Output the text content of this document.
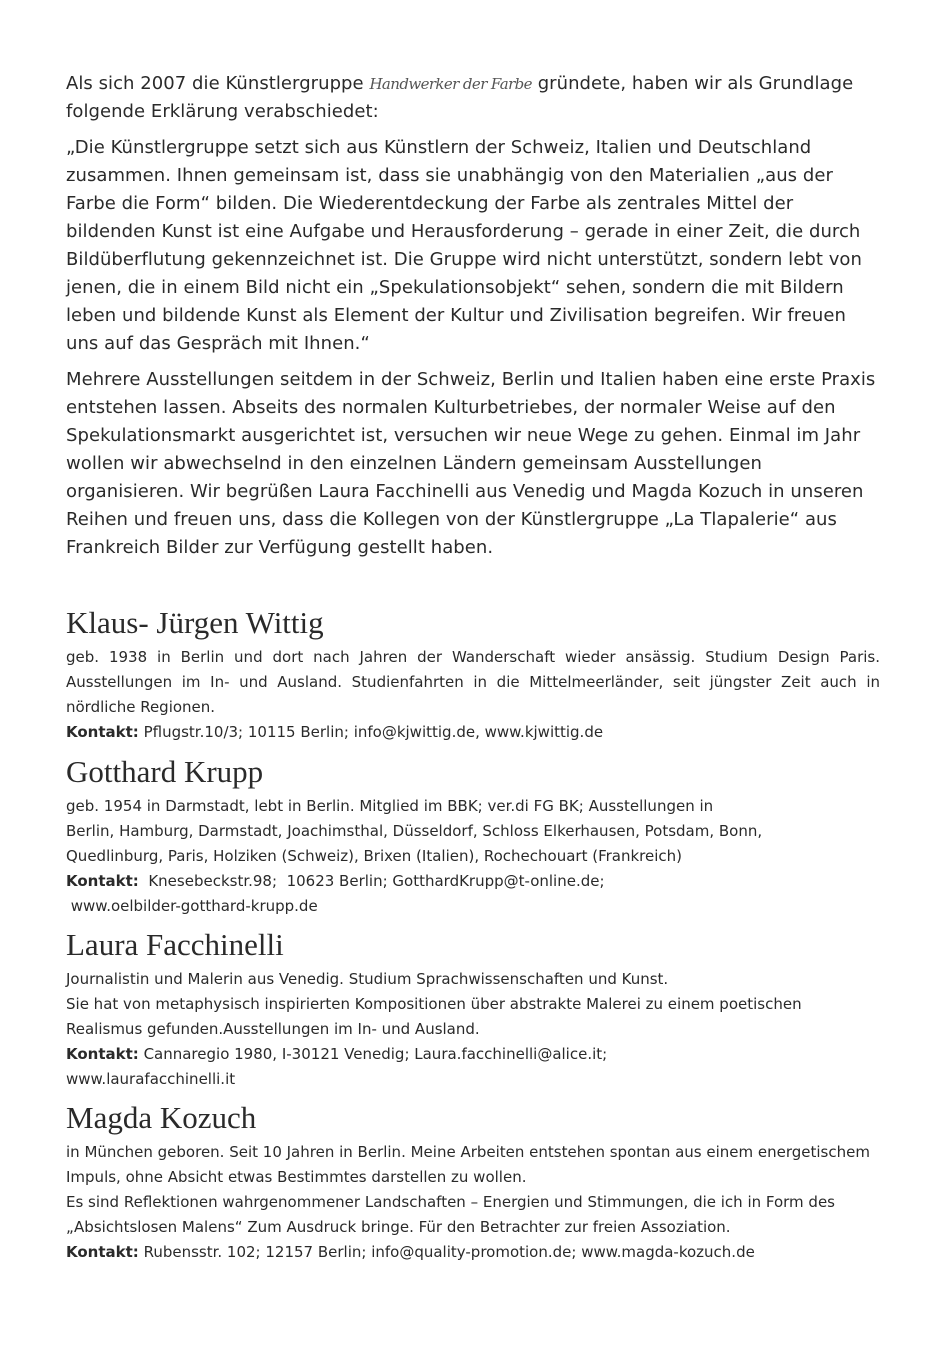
Als sich 2007 die Künstlergruppe Handwerker der Farbe gründete, haben wir als Grundlage folgende Erklärung verabschiedet:

„Die Künstlergruppe setzt sich aus Künstlern der Schweiz, Italien und Deutschland zusammen. Ihnen gemeinsam ist, dass sie unabhängig von den Materialien „aus der Farbe die Form“ bilden. Die Wiederentdeckung der Farbe als zentrales Mittel der bildenden Kunst ist eine Aufgabe und Herausforderung – gerade in einer Zeit, die durch Bildüberflutung gekennzeichnet ist. Die Gruppe wird nicht unterstützt, sondern lebt von jenen, die in einem Bild nicht ein „Spekulationsobjekt“ sehen, sondern die mit Bildern leben und bildende Kunst als Element der Kultur und Zivilisation begreifen. Wir freuen uns auf das Gespräch mit Ihnen.“

Mehrere Ausstellungen seitdem in der Schweiz, Berlin und Italien haben eine erste Praxis entstehen lassen. Abseits des normalen Kulturbetriebes, der normaler Weise auf den Spekulationsmarkt ausgerichtet ist, versuchen wir neue Wege zu gehen. Einmal im Jahr wollen wir abwechselnd in den einzelnen Ländern gemeinsam Ausstellungen organisieren. Wir begrüßen Laura Facchinelli aus Venedig und Magda Kozuch in unseren Reihen und freuen uns, dass die Kollegen von der Künstlergruppe „La Tlapalerie“ aus Frankreich Bilder zur Verfügung gestellt haben.

Klaus- Jürgen Wittig

geb. 1938 in Berlin und dort nach Jahren der Wanderschaft wieder ansässig. Studium Design Paris. Ausstellungen im In- und Ausland. Studienfahrten in die Mittelmeerländer, seit jüngster Zeit auch in nördliche Regionen.

Kontakt: Pflugstr.10/3; 10115 Berlin; info@kjwittig.de, www.kjwittig.de

Gotthard Krupp

geb. 1954 in Darmstadt, lebt in Berlin. Mitglied im BBK; ver.di FG BK; Ausstellungen in

Berlin, Hamburg, Darmstadt, Joachimsthal, Düsseldorf, Schloss Elkerhausen, Potsdam, Bonn,

Quedlinburg, Paris, Holziken (Schweiz), Brixen (Italien), Rochechouart (Frankreich)

Kontakt:  Knesebeckstr.98;  10623 Berlin; GotthardKrupp@t-online.de;

www.oelbilder-gotthard-krupp.de

Laura Facchinelli

Journalistin und Malerin aus Venedig. Studium Sprachwissenschaften und Kunst.

Sie hat von metaphysisch inspirierten Kompositionen über abstrakte Malerei zu einem poetischen Realismus gefunden.Ausstellungen im In- und Ausland.

Kontakt: Cannaregio 1980, I-30121 Venedig; Laura.facchinelli@alice.it;

www.laurafacchinelli.it

Magda Kozuch

in München geboren. Seit 10 Jahren in Berlin. Meine Arbeiten entstehen spontan aus einem energetischem Impuls, ohne Absicht etwas Bestimmtes darstellen zu wollen.

Es sind Reflektionen wahrgenommener Landschaften – Energien und Stimmungen, die ich in Form des „Absichtslosen Malens“ Zum Ausdruck bringe. Für den Betrachter zur freien Assoziation.

Kontakt: Rubensstr. 102; 12157 Berlin; info@quality-promotion.de; www.magda-kozuch.de
